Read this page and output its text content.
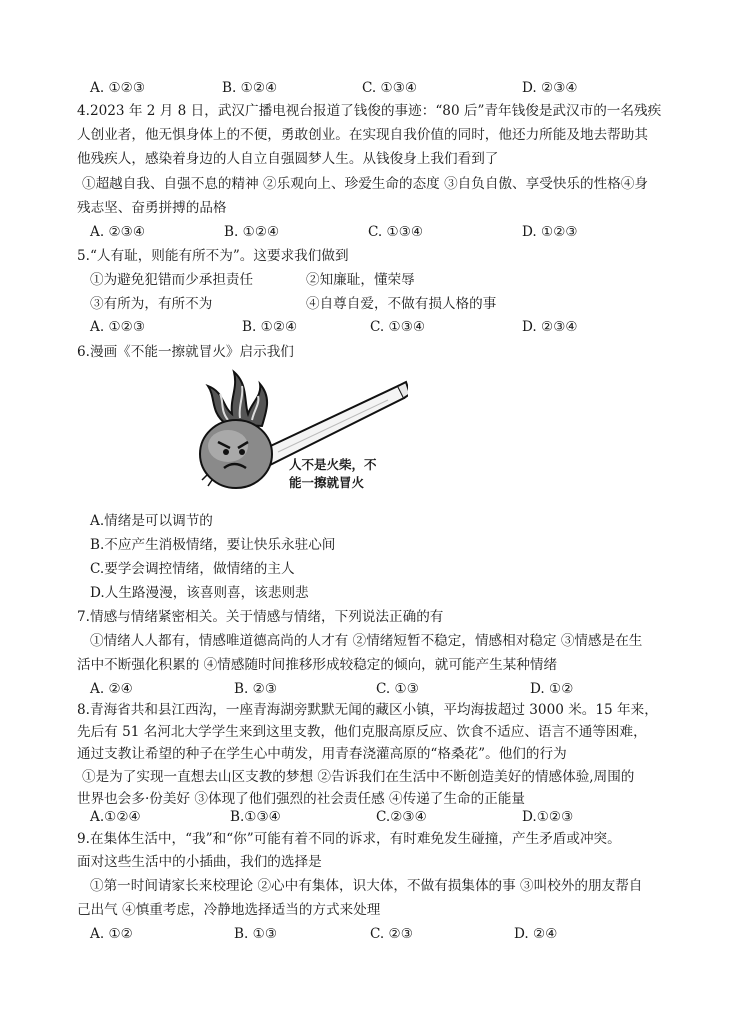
A. ①②③	B. ①②④	C. ①③④	D. ②③④
4.2023 年 2 月 8 日，武汉广播电视台报道了钱俊的事迹：“80 后”青年钱俊是武汉市的一名残疾
人创业者，他无惧身体上的不便，勇敢创业。在实现自我价值的同时，他还力所能及地去帮助其
他残疾人，感染着身边的人自立自强圆梦人生。从钱俊身上我们看到了
①超越自我、自强不息的精神 ②乐观向上、珍爱生命的态度 ③自负自傲、享受快乐的性格④身
残志坚、奋勇拼搏的品格
A. ②③④	B. ①②④	C. ①③④	D. ①②③
5.“人有耻，则能有所不为”。这要求我们做到
①为避免犯错而少承担责任	②知廉耻，懂荣辱
③有所为，有所不为	④自尊自爱，不做有损人格的事
A. ①②③	B. ①②④	C. ①③④	D. ②③④
6.漫画《不能一擦就冒火》启示我们
人不是火柴，不
能一擦就冒火
A.情绪是可以调节的
B.不应产生消极情绪，要让快乐永驻心间
C.要学会调控情绪，做情绪的主人
D.人生路漫漫，该喜则喜，该悲则悲
7.情感与情绪紧密相关。关于情感与情绪，下列说法正确的有
①情绪人人都有，情感唯道德高尚的人才有 ②情绪短暂不稳定，情感相对稳定 ③情感是在生
活中不断强化积累的 ④情感随时间推移形成较稳定的倾向，就可能产生某种情绪
A. ②④	B. ②③	C. ①③	D. ①②
8.青海省共和县江西沟，一座青海湖旁默默无闻的藏区小镇，平均海拔超过 3000 米。15 年来，
先后有 51 名河北大学学生来到这里支教，他们克服高原反应、饮食不适应、语言不通等困难，
通过支教让希望的种子在学生心中萌发，用青春浇灌高原的“格桑花”。他们的行为
①是为了实现一直想去山区支教的梦想 ②告诉我们在生活中不断创造美好的情感体验,周围的
世界也会多·份美好 ③体现了他们强烈的社会责任感 ④传递了生命的正能量
A.①②④	B.①③④	C.②③④	D.①②③
9.在集体生活中，“我”和“你”可能有着不同的诉求，有时难免发生碰撞，产生矛盾或冲突。
面对这些生活中的小插曲，我们的选择是
①第一时间请家长来校理论 ②心中有集体，识大体，不做有损集体的事 ③叫校外的朋友帮自
己出气 ④慎重考虑，冷静地选择适当的方式来处理
A. ①②	B. ①③	C. ②③	D. ②④
